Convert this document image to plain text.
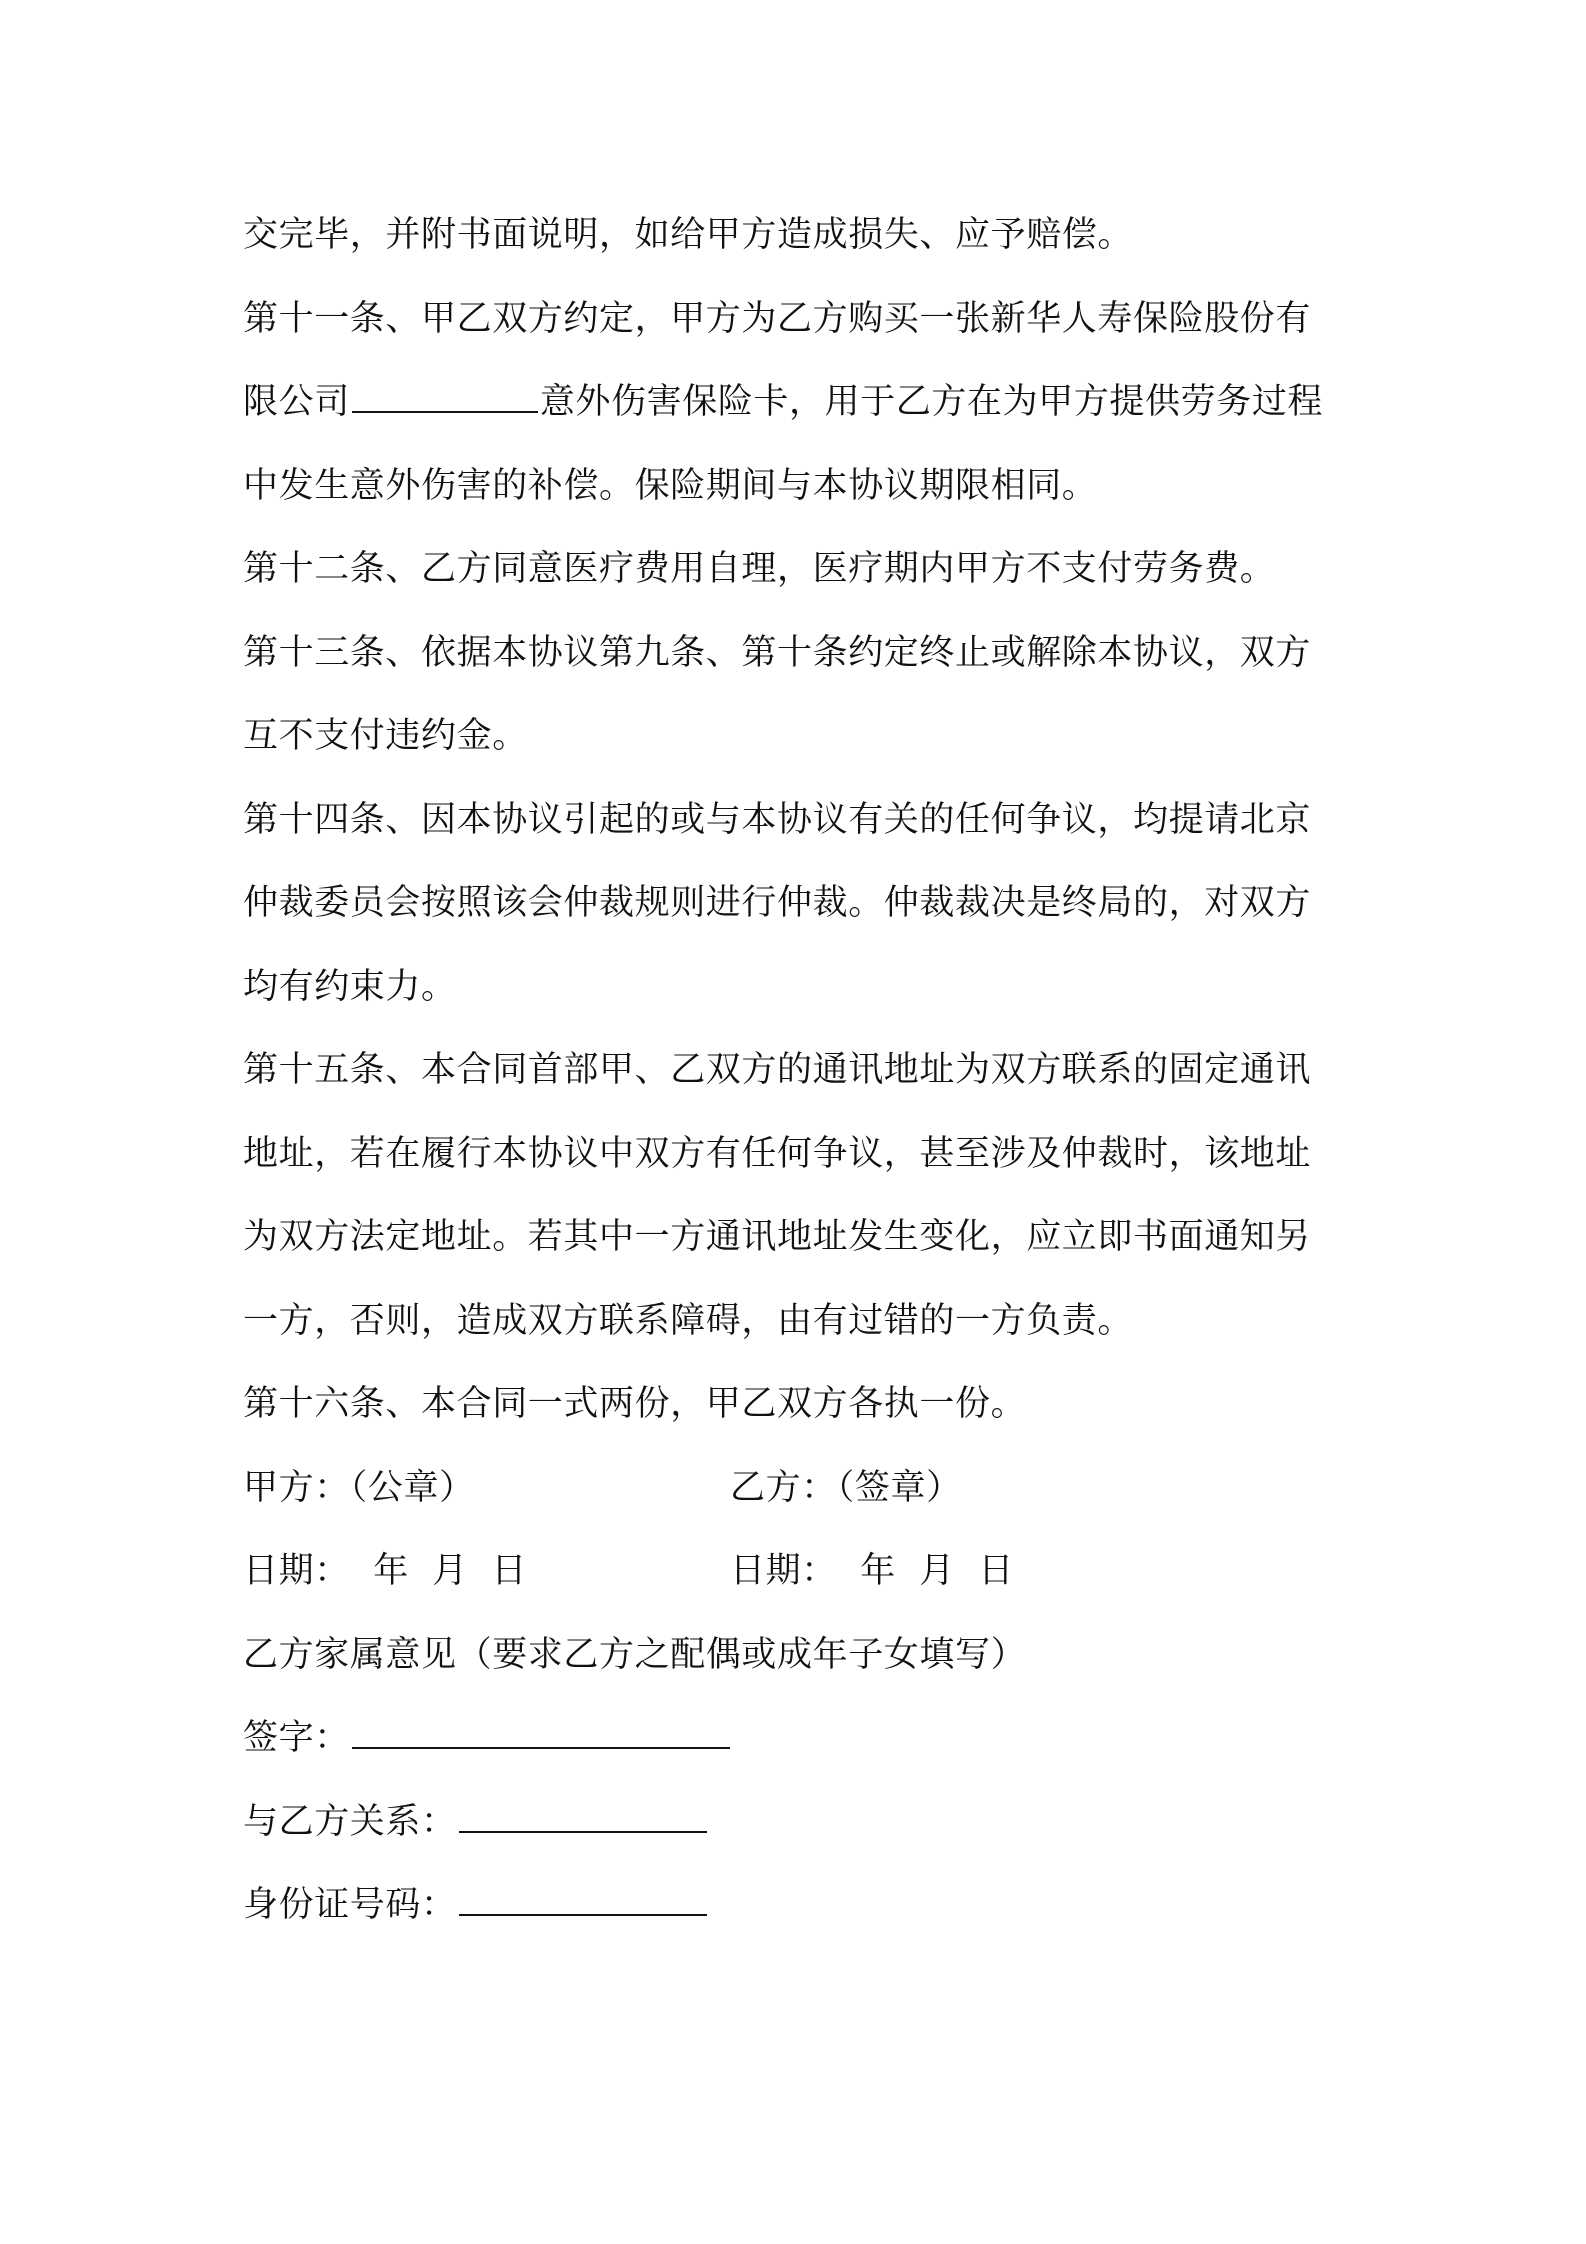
交完毕，并附书面说明，如给甲方造成损失、应予赔偿。
第十一条、甲乙双方约定，甲方为乙方购买一张新华人寿保险股份有
限公司	意外伤害保险卡，用于乙方在为甲方提供劳务过程
中发生意外伤害的补偿。保险期间与本协议期限相同。
第十二条、乙方同意医疗费用自理，医疗期内甲方不支付劳务费。
第十三条、依据本协议第九条、第十条约定终止或解除本协议，双方
互不支付违约金。
第十四条、因本协议引起的或与本协议有关的任何争议，均提请北京
仲裁委员会按照该会仲裁规则进行仲裁。仲裁裁决是终局的，对双方
均有约束力。
第十五条、本合同首部甲、乙双方的通讯地址为双方联系的固定通讯
地址，若在履行本协议中双方有任何争议，甚至涉及仲裁时，该地址
为双方法定地址。若其中一方通讯地址发生变化，应立即书面通知另
一方，否则，造成双方联系障碍，由有过错的一方负责。
第十六条、本合同一式两份，甲乙双方各执一份。
甲方：（公章）	乙方：（签章）
日期：  年  月  日	日期：  年  月  日
乙方家属意见（要求乙方之配偶或成年子女填写）
签字：
与乙方关系：
身份证号码：
